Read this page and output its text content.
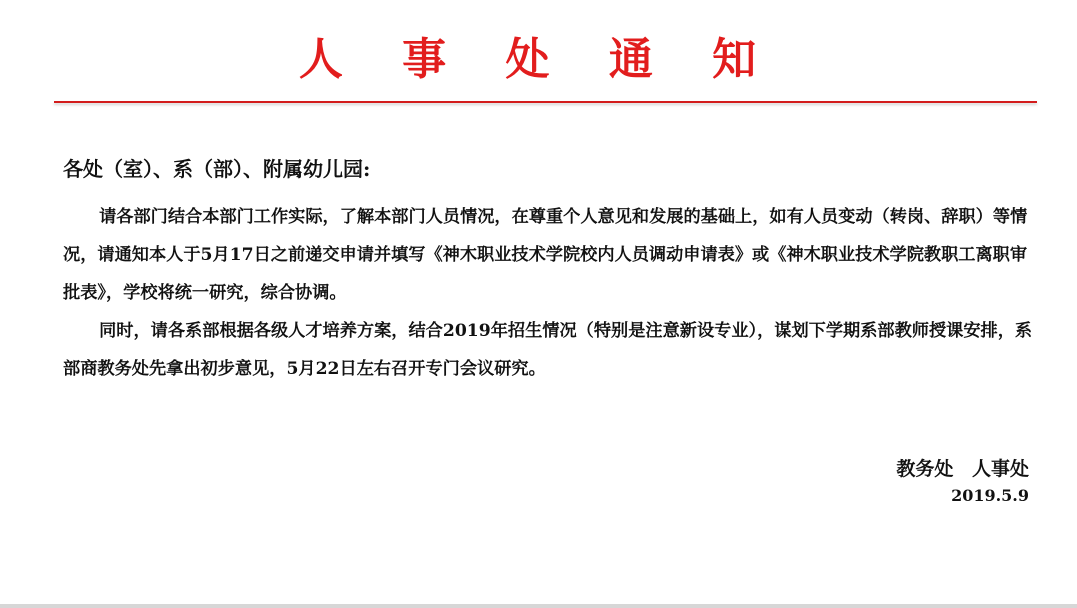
人 事 处 通 知
各处（室）、系（部）、附属幼儿园:

请各部门结合本部门工作实际，了解本部门人员情况，在尊重个人意见和发展的基础上，如有人员变动（转岗、辞职）等情况，请通知本人于5月17日之前递交申请并填写《神木职业技术学院校内人员调动申请表》或《神木职业技术学院教职工离职审批表》，学校将统一研究，综合协调。

同时，请各系部根据各级人才培养方案，结合2019年招生情况（特别是注意新设专业），谋划下学期系部教师授课安排，系部商教务处先拿出初步意见，5月22日左右召开专门会议研究。

教务处 人事处
2019.5.9
